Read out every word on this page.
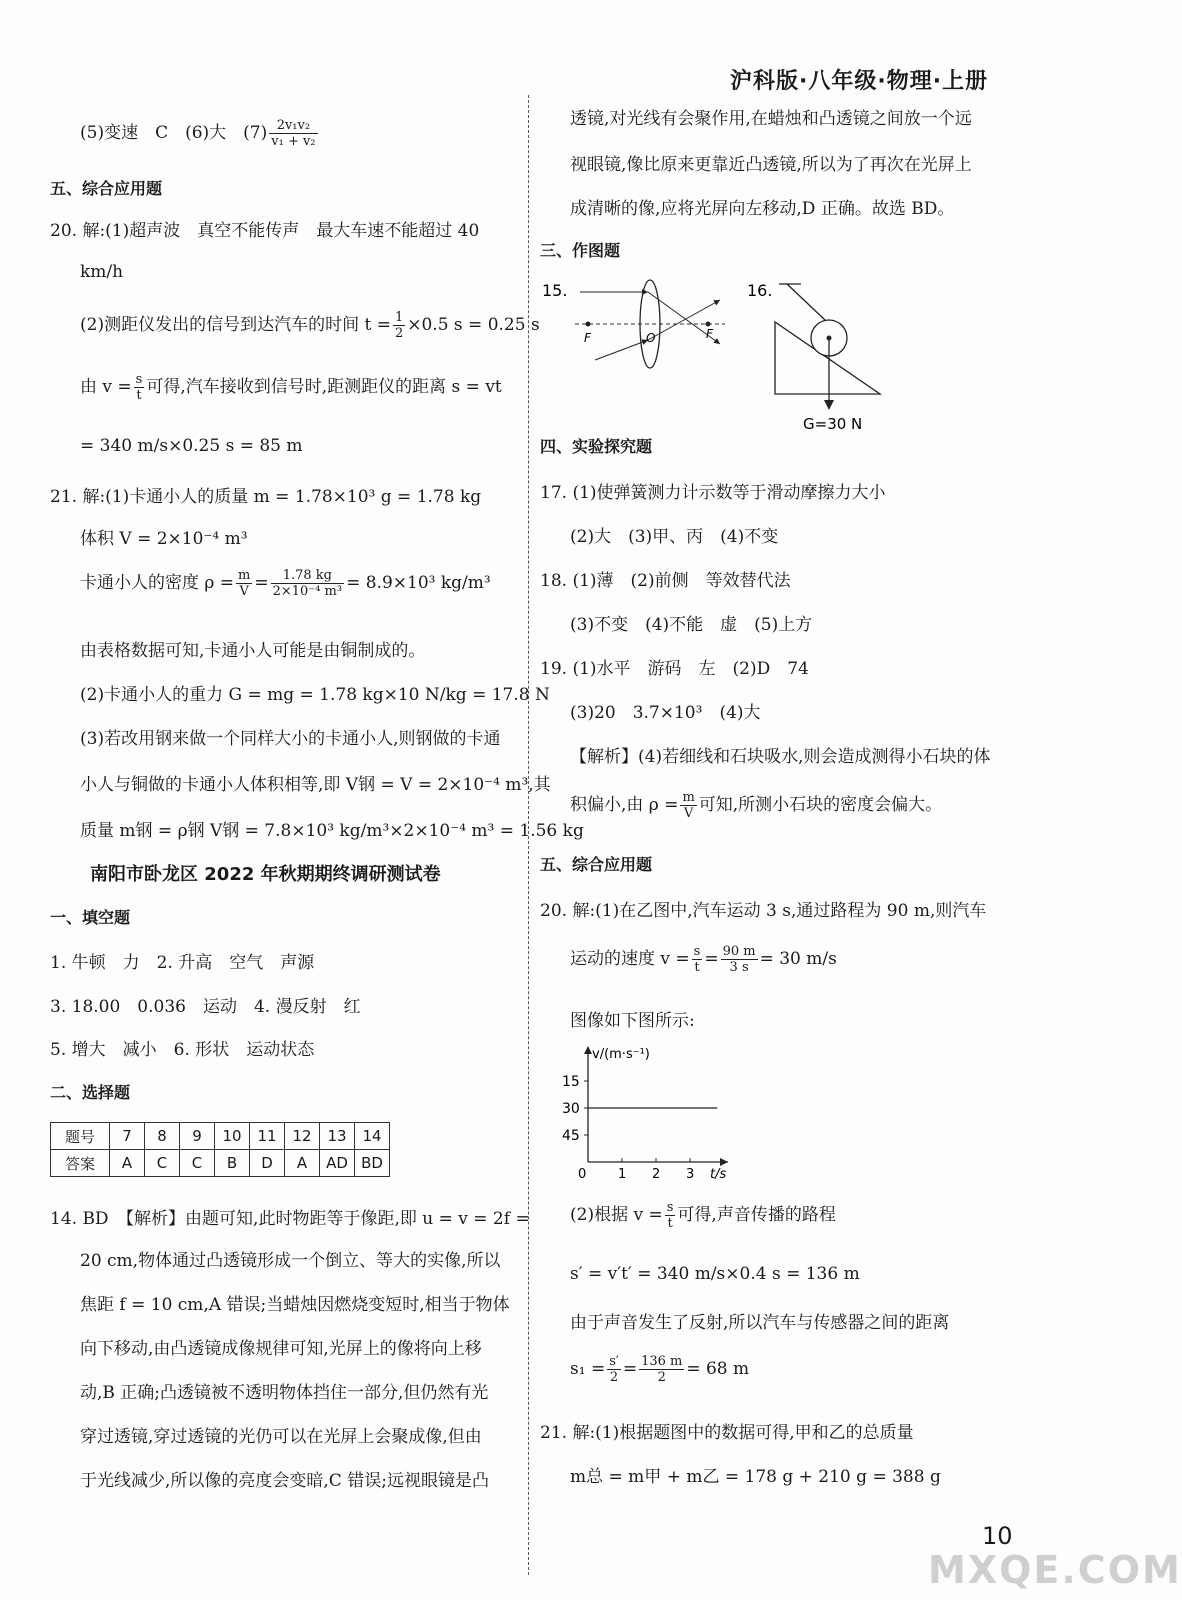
沪科版·八年级·物理·上册
(5)变速　C　(6)大　$(7) \frac{\text{2v₁v₂}}{\text{v₁ + v₂}}$
五、综合应用题
20. 解:(1)超声波　真空不能传声　最大车速不能超过 40
km/h
(2)测距仪发出的信号到达汽车的时间 $t = \frac{1}{2} \times 0.5$ s = 0.25 s
由 $v = \frac{s}{t}$ 可得,汽车接收到信号时,距测距仪的距离 s = vt
= 340 m/s×0.25 s = 85 m
21. 解:(1)卡通小人的质量 m = 1.78×10³ g = 1.78 kg
体积 V = 2×10⁻⁴ m³
卡通小人的密度 $\rho = \frac{m}{V} = \frac{1.78 kg}{\text{2×10⁻⁴ m³}} = 8.9\times 10^3$ kg/m³
由表格数据可知,卡通小人可能是由铜制成的。
(2)卡通小人的重力 G = mg = 1.78 kg×10 N/kg = 17.8 N
(3)若改用钢来做一个同样大小的卡通小人,则钢做的卡通
小人与铜做的卡通小人体积相等,即 V钢 = V = 2×10⁻⁴ m³,其
质量 m钢 = ρ钢 V钢 = 7.8×10³ kg/m³×2×10⁻⁴ m³ = 1.56 kg
南阳市卧龙区 2022 年秋期期终调研测试卷
一、填空题
1. 牛顿　力　2. 升高　空气　声源
3. 18.00　0.036　运动　4. 漫反射　红
5. 增大　减小　6. 形状　运动状态
二、选择题
题号	7	8	9	10	11	12	13	14
答案	A	C	C	B	D	A	AD	BD
14. BD　【解析】由题可知,此时物距等于像距,即 u = v = 2f =
20 cm,物体通过凸透镜形成一个倒立、等大的实像,所以
焦距 f = 10 cm,A 错误;当蜡烛因燃烧变短时,相当于物体
向下移动,由凸透镜成像规律可知,光屏上的像将向上移
动,B 正确;凸透镜被不透明物体挡住一部分,但仍然有光
穿过透镜,穿过透镜的光仍可以在光屏上会聚成像,但由
于光线减少,所以像的亮度会变暗,C 错误;远视眼镜是凸
透镜,对光线有会聚作用,在蜡烛和凸透镜之间放一个远
视眼镜,像比原来更靠近凸透镜,所以为了再次在光屏上
成清晰的像,应将光屏向左移动,D 正确。故选 BD。
三、作图题
15.
F	O	F
16.
G=30 N
四、实验探究题
17. (1)使弹簧测力计示数等于滑动摩擦力大小
(2)大　(3)甲、丙　(4)不变
18. (1)薄　(2)前侧　等效替代法
(3)不变　(4)不能　虚　(5)上方
19. (1)水平　游码　左　(2)D　74
(3)20　3.7×10³　(4)大
【解析】(4)若细线和石块吸水,则会造成测得小石块的体
积偏小,由 $\rho = \frac{m}{V}$ 可知,所测小石块的密度会偏大。
五、综合应用题
20. 解:(1)在乙图中,汽车运动 3 s,通过路程为 90 m,则汽车
运动的速度 $v = \frac{s}{t} = \frac{90 m}{3 s} = 30$ m/s
图像如下图所示:
v/(m·s⁻¹)
t/s
0
45
30
15
1 2 3
(2)根据 $v = \frac{s}{t}$ 可得,声音传播的路程
s′ = v′t′ = 340 m/s×0.4 s = 136 m
由于声音发生了反射,所以汽车与传感器之间的距离
$s_1 = \frac{s'}{2} = \frac{136 m}{2} = 68$ m
21. 解:(1)根据题图中的数据可得,甲和乙的总质量
m总 = m甲 + m乙 = 178 g + 210 g = 388 g
10
MXQE.COM
